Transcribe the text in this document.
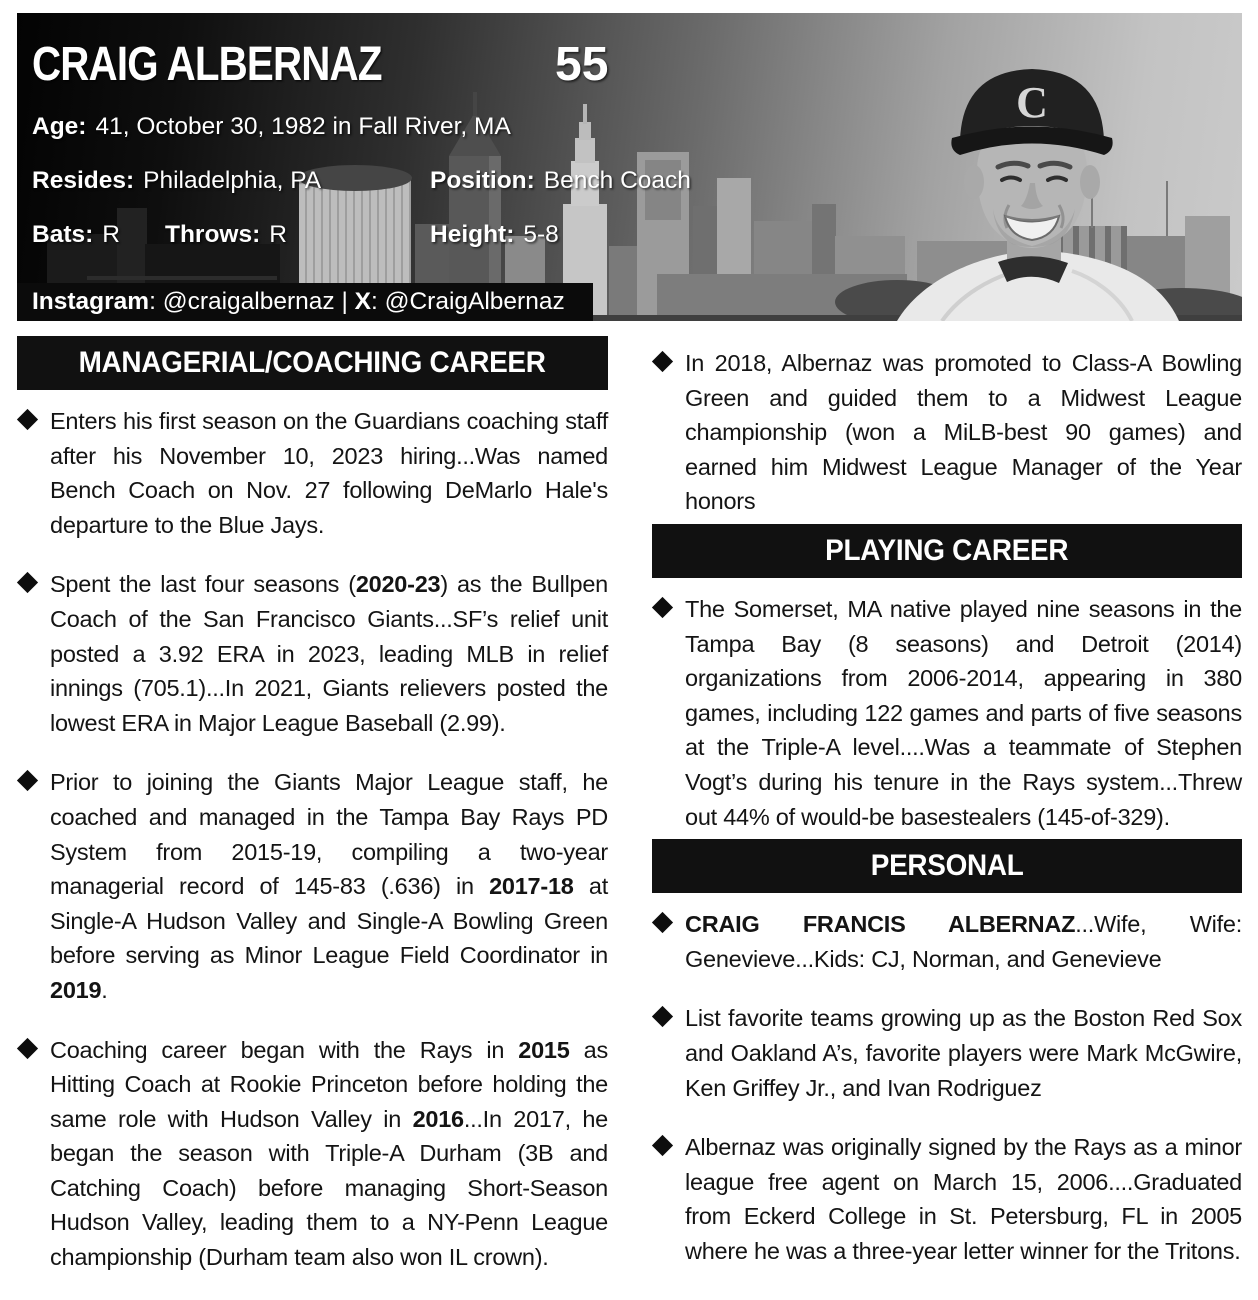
C
CRAIG ALBERNAZ	55
Age: 41, October 30, 1982 in Fall River, MA
Resides: Philadelphia, PA	Position: Bench Coach
Bats: R Throws: R	Height: 5-8
Instagram: @craigalbernaz | X: @CraigAlbernaz
MANAGERIAL/COACHING CAREER
Enters his first season on the Guardians coaching staff after his November 10, 2023 hiring...Was named Bench Coach on Nov. 27 following DeMarlo Hale's departure to the Blue Jays.
Spent the last four seasons (2020-23) as the Bullpen Coach of the San Francisco Giants...SF’s relief unit posted a 3.92 ERA in 2023, leading MLB in relief innings (705.1)...In 2021, Giants relievers posted the lowest ERA in Major League Baseball (2.99).
Prior to joining the Giants Major League staff, he coached and managed in the Tampa Bay Rays PD System from 2015-19, compiling a two-year managerial record of 145-83 (.636) in 2017-18 at Single-A Hudson Valley and Single-A Bowling Green before serving as Minor League Field Coordinator in 2019.
Coaching career began with the Rays in 2015 as Hitting Coach at Rookie Princeton before holding the same role with Hudson Valley in 2016...In 2017, he began the season with Triple-A Durham (3B and Catching Coach) before managing Short-Season Hudson Valley, leading them to a NY-Penn League championship (Durham team also won IL crown).
In 2018, Albernaz was promoted to Class-A Bowling Green and guided them to a Midwest League championship (won a MiLB-best 90 games) and earned him Midwest League Manager of the Year honors
PLAYING CAREER
The Somerset, MA native played nine seasons in the Tampa Bay (8 seasons) and Detroit (2014) organizations from 2006-2014, appearing in 380 games, including 122 games and parts of five seasons at the Triple-A level....Was a teammate of Stephen Vogt’s during his tenure in the Rays system...Threw out 44% of would-be basestealers (145-of-329).
PERSONAL
CRAIG FRANCIS ALBERNAZ...Wife, Wife: Genevieve...Kids: CJ, Norman, and Genevieve
List favorite teams growing up as the Boston Red Sox and Oakland A’s, favorite players were Mark McGwire, Ken Griffey Jr., and Ivan Rodriguez
Albernaz was originally signed by the Rays as a minor league free agent on March 15, 2006....Graduated from Eckerd College in St. Petersburg, FL in 2005 where he was a three-year letter winner for the Tritons.
